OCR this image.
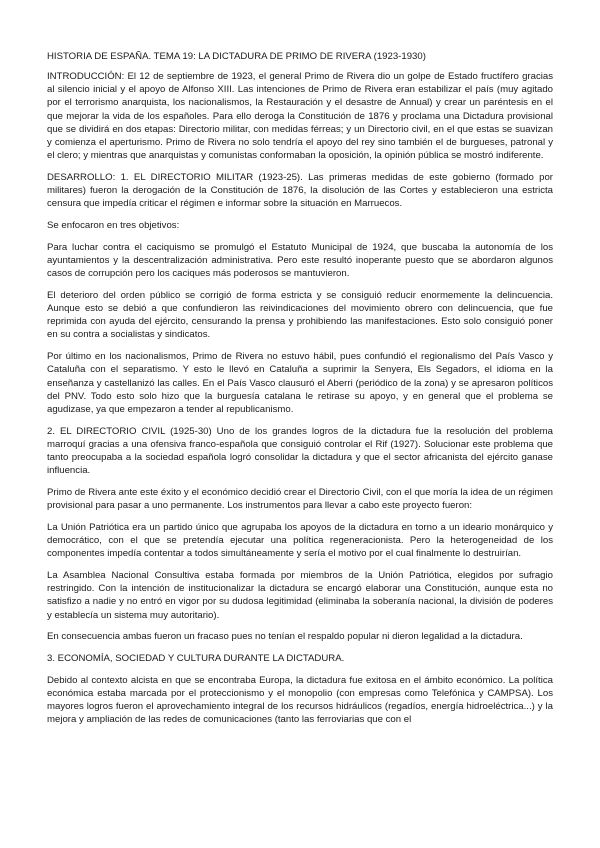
HISTORIA DE ESPAÑA. TEMA 19: LA DICTADURA DE PRIMO DE RIVERA (1923-1930)

INTRODUCCIÓN: El 12 de septiembre de 1923, el general Primo de Rivera dio un golpe de Estado fructífero gracias al silencio inicial y el apoyo de Alfonso XIII. Las intenciones de Primo de Rivera eran estabilizar el país (muy agitado por el terrorismo anarquista, los nacionalismos, la Restauración y el desastre de Annual) y crear un paréntesis en el que mejorar la vida de los españoles. Para ello deroga la Constitución de 1876 y proclama una Dictadura provisional que se dividirá en dos etapas: Directorio militar, con medidas férreas; y un Directorio civil, en el que estas se suavizan y comienza el aperturismo. Primo de Rivera no solo tendría el apoyo del rey sino también el de burgueses, patronal y el clero; y mientras que anarquistas y comunistas conformaban la oposición, la opinión pública se mostró indiferente.

DESARROLLO: 1. EL DIRECTORIO MILITAR (1923-25). Las primeras medidas de este gobierno (formado por militares) fueron la derogación de la Constitución de 1876, la disolución de las Cortes y establecieron una estricta censura que impedía criticar el régimen e informar sobre la situación en Marruecos.

Se enfocaron en tres objetivos:

Para luchar contra el caciquismo se promulgó el Estatuto Municipal de 1924, que buscaba la autonomía de los ayuntamientos y la descentralización administrativa. Pero este resultó inoperante puesto que se abordaron algunos casos de corrupción pero los caciques más poderosos se mantuvieron.

El deterioro del orden público se corrigió de forma estricta y se consiguió reducir enormemente la delincuencia. Aunque esto se debió a que confundieron las reivindicaciones del movimiento obrero con delincuencia, que fue reprimida con ayuda del ejército, censurando la prensa y prohibiendo las manifestaciones. Esto solo consiguió poner en su contra a socialistas y sindicatos.

Por último en los nacionalismos, Primo de Rivera no estuvo hábil, pues confundió el regionalismo del País Vasco y Cataluña con el separatismo. Y esto le llevó en Cataluña a suprimir la Senyera, Els Segadors, el idioma en la enseñanza y castellanizó las calles. En el País Vasco clausuró el Aberri (periódico de la zona) y se apresaron políticos del PNV. Todo esto solo hizo que la burguesía catalana le retirase su apoyo, y en general que el problema se agudizase, ya que empezaron a tender al republicanismo.

2. EL DIRECTORIO CIVIL (1925-30) Uno de los grandes logros de la dictadura fue la resolución del problema marroquí gracias a una ofensiva franco-española que consiguió controlar el Rif (1927). Solucionar este problema que tanto preocupaba a la sociedad española logró consolidar la dictadura y que el sector africanista del ejército ganase influencia.

Primo de Rivera ante este éxito y el económico decidió crear el Directorio Civil, con el que moría la idea de un régimen provisional para pasar a uno permanente. Los instrumentos para llevar a cabo este proyecto fueron:

La Unión Patriótica era un partido único que agrupaba los apoyos de la dictadura en torno a un ideario monárquico y democrático, con el que se pretendía ejecutar una política regeneracionista. Pero la heterogeneidad de los componentes impedía contentar a todos simultáneamente y sería el motivo por el cual finalmente lo destruirían.

La Asamblea Nacional Consultiva estaba formada por miembros de la Unión Patriótica, elegidos por sufragio restringido. Con la intención de institucionalizar la dictadura se encargó elaborar una Constitución, aunque esta no satisfizo a nadie y no entró en vigor por su dudosa legitimidad (eliminaba la soberanía nacional, la división de poderes y establecía un sistema muy autoritario).

En consecuencia ambas fueron un fracaso pues no tenían el respaldo popular ni dieron legalidad a la dictadura.

3. ECONOMÍA, SOCIEDAD Y CULTURA DURANTE LA DICTADURA.

Debido al contexto alcista en que se encontraba Europa, la dictadura fue exitosa en el ámbito económico. La política económica estaba marcada por el proteccionismo y el monopolio (con empresas como Telefónica y CAMPSA). Los mayores logros fueron el aprovechamiento integral de los recursos hidráulicos (regadíos, energía hidroeléctrica...) y la mejora y ampliación de las redes de comunicaciones (tanto las ferroviarias que con el
